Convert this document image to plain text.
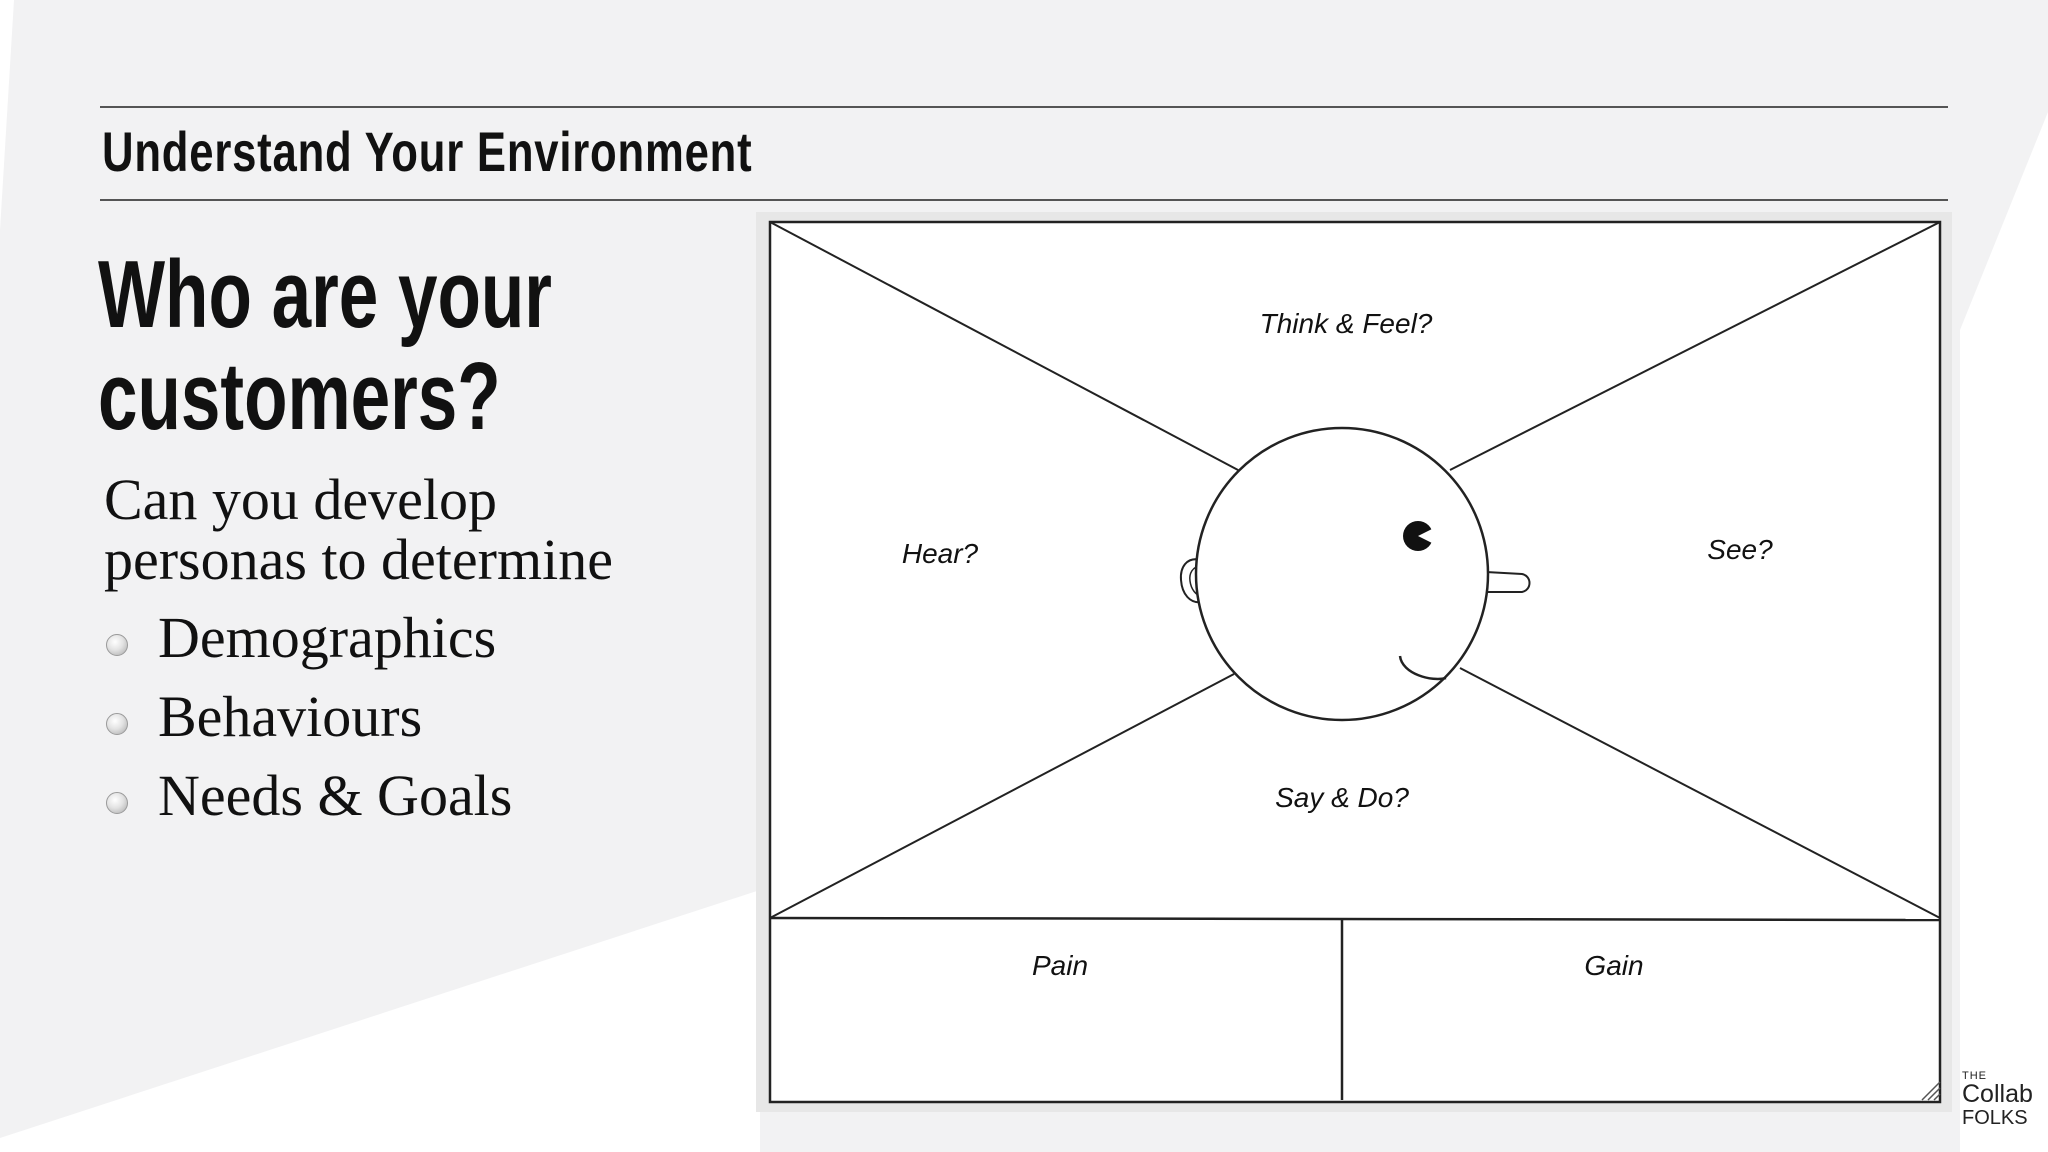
Understand Your Environment
Who are your
customers?
Can you develop
personas to determine
Demographics
Behaviours
Needs & Goals
Think & Feel?
Hear?	See?
Say & Do?
Pain	Gain
THE
Collab
FOLKS
